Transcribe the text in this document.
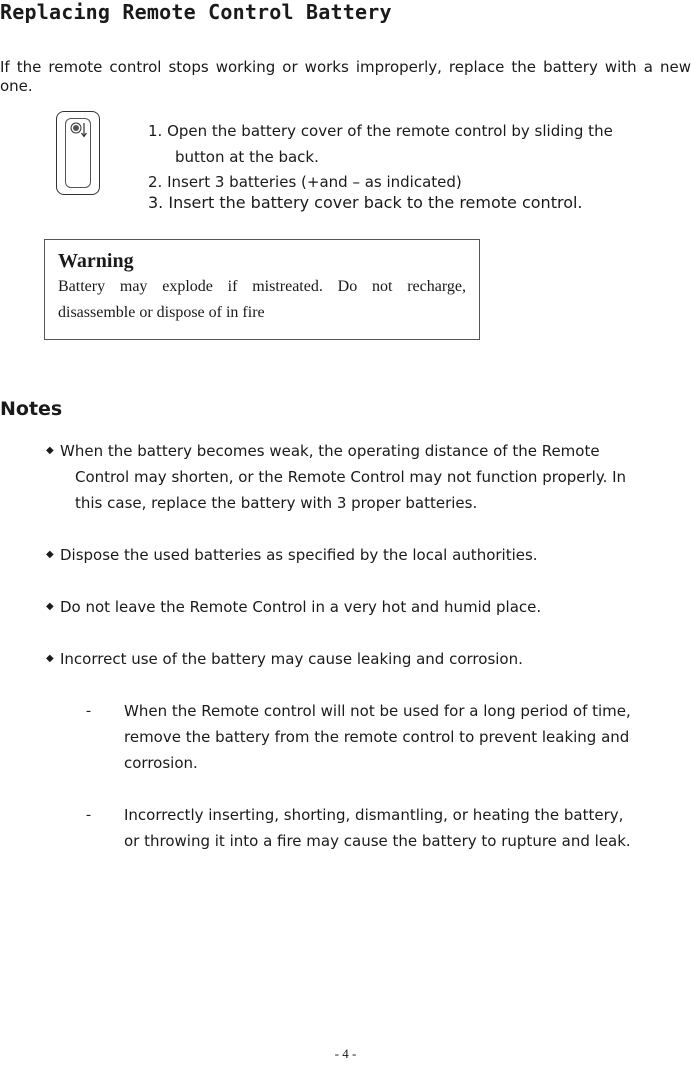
Replacing Remote Control Battery
If the remote control stops working or works improperly, replace the battery with a new one.
1. Open the battery cover of the remote control by sliding the
button at the back.
2. Insert 3 batteries (+and – as indicated)
3. Insert the battery cover back to the remote control.
Warning
Battery may explode if mistreated. Do not recharge,
disassemble or dispose of in fire
Notes
◆ When the battery becomes weak, the operating distance of the Remote
Control may shorten, or the Remote Control may not function properly. In
this case, replace the battery with 3 proper batteries.
◆ Dispose the used batteries as specified by the local authorities.
◆ Do not leave the Remote Control in a very hot and humid place.
◆ Incorrect use of the battery may cause leaking and corrosion.
- When the Remote control will not be used for a long period of time,
remove the battery from the remote control to prevent leaking and
corrosion.
- Incorrectly inserting, shorting, dismantling, or heating the battery,
or throwing it into a fire may cause the battery to rupture and leak.
- 4 -
